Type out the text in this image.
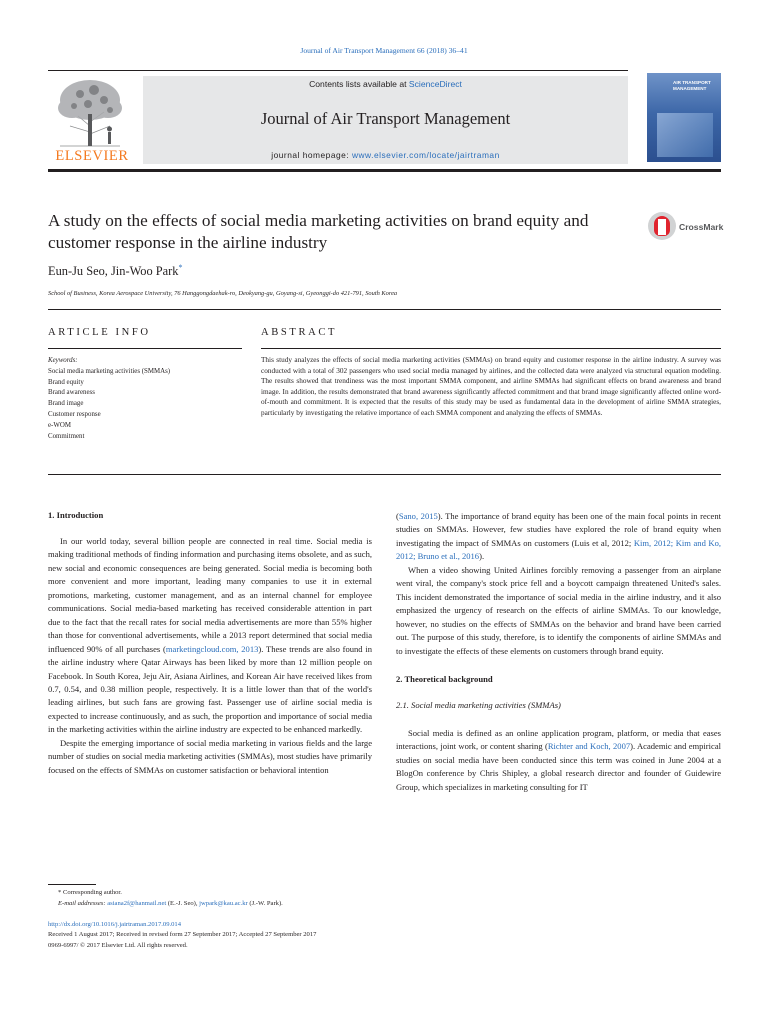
Journal of Air Transport Management 66 (2018) 36–41
ELSEVIER
Contents lists available at ScienceDirect
Journal of Air Transport Management
journal homepage: www.elsevier.com/locate/jairtraman
AIR TRANSPORT MANAGEMENT
A study on the effects of social media marketing activities on brand equity and customer response in the airline industry
CrossMark
Eun-Ju Seo, Jin-Woo Park*
School of Business, Korea Aerospace University, 76 Hanggongdaehak-ro, Deokyang-gu, Goyang-si, Gyeonggi-do 421-791, South Korea
ARTICLE INFO	ABSTRACT
Keywords:
Social media marketing activities (SMMAs)
Brand equity
Brand awareness
Brand image
Customer response
e-WOM
Commitment
This study analyzes the effects of social media marketing activities (SMMAs) on brand equity and customer response in the airline industry. A survey was conducted with a total of 302 passengers who used social media managed by airlines, and the collected data were analyzed via structural equation modeling. The results showed that trendiness was the most important SMMA component, and airline SMMAs had significant effects on brand awareness and brand image. In addition, the results demonstrated that brand awareness significantly affected commitment and that brand image significantly affected online word-of-mouth and commitment. It is expected that the results of this study may be used as fundamental data in the development of airline SMMA strategies, particularly by investigating the relative importance of each SMMA component and analyzing the effects of SMMAs.
1. Introduction

In our world today, several billion people are connected in real time. Social media is making traditional methods of finding information and purchasing items obsolete, and as such, new social and economic consequences are being generated. Social media is becoming both more convenient and more important, leading many companies to use it in external promotions, marketing, customer management, and as an internal channel for employee communications. Social media-based marketing has received considerable attention in part due to the fact that the recall rates for social media advertisements are more than 55% higher than those for conventional advertisements, while a 2013 report determined that social media influenced 90% of all purchases (marketingcloud.com, 2013). These trends are also found in the airline industry where Qatar Airways has been liked by more than 12 million people on Facebook. In South Korea, Jeju Air, Asiana Airlines, and Korean Air have received likes from 0.7, 0.54, and 0.38 million people, respectively. It is a little lower than that of the world's leading airlines, but such fans are growing fast. Passenger use of airline social media is expected to increase continuously, and as such, the proportion and importance of social media in the marketing activities within the airline industry are expected to be enhanced markedly.

Despite the emerging importance of social media marketing in various fields and the large number of studies on social media marketing activities (SMMAs), most studies have primarily focused on the effects of SMMAs on customer satisfaction or behavioral intention

(Sano, 2015). The importance of brand equity has been one of the main focal points in recent studies on SMMAs. However, few studies have explored the role of brand equity when investigating the impact of SMMAs on customers (Luis et al, 2012; Kim, 2012; Kim and Ko, 2012; Bruno et al., 2016).

When a video showing United Airlines forcibly removing a passenger from an airplane went viral, the company's stock price fell and a boycott campaign threatened United's sales. This incident demonstrated the importance of social media in the airline industry, and it also emphasized the urgency of research on the effects of airline SMMAs. To our knowledge, however, no studies on the effects of SMMAs on the behavior and brand have been carried out. The purpose of this study, therefore, is to identify the components of airline SMMAs and to investigate the effects of these elements on customers through brand equity.

2. Theoretical background
2.1. Social media marketing activities (SMMAs)

Social media is defined as an online application program, platform, or media that eases interactions, joint work, or content sharing (Richter and Koch, 2007). Academic and empirical studies on social media have been conducted since this term was coined in June 2004 at a BlogOn conference by Chris Shipley, a global research director and founder of Guidewire Group, which specializes in marketing consulting for IT

* Corresponding author.
E-mail addresses: asiana2f@hanmail.net (E.-J. Seo), jwpark@kau.ac.kr (J.-W. Park).
http://dx.doi.org/10.1016/j.jairtraman.2017.09.014
Received 1 August 2017; Received in revised form 27 September 2017; Accepted 27 September 2017
0969-6997/ © 2017 Elsevier Ltd. All rights reserved.
